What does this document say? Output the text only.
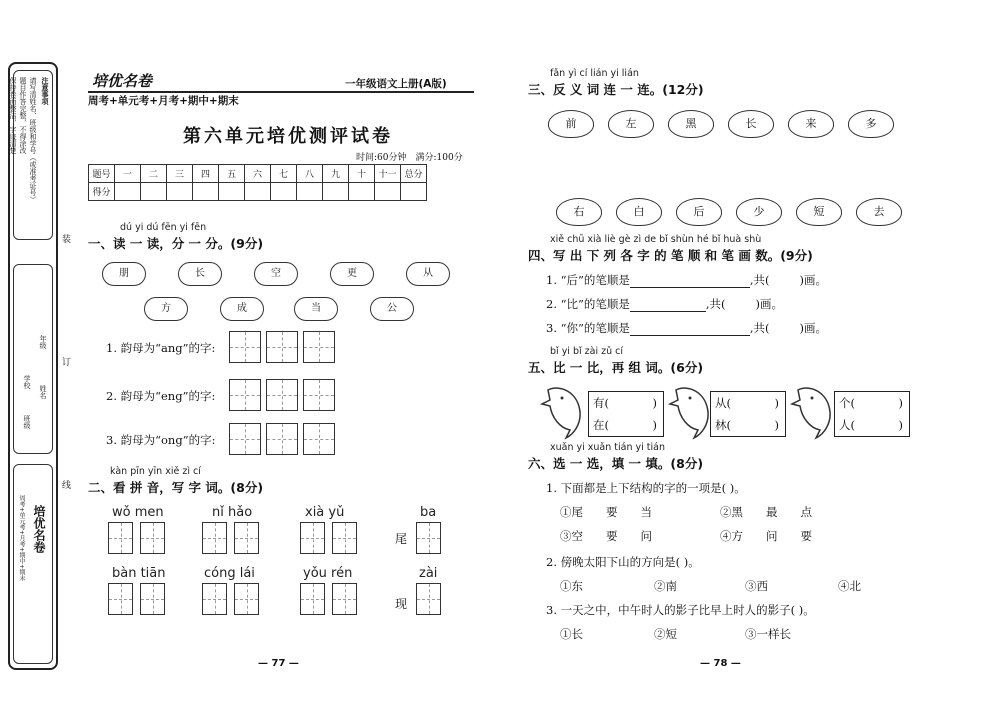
注意事项
请写清姓名、班级和学号（或准考证号）
题目作答完整，不得涂改
保持卷面整洁，字迹清楚
年级
姓名
学校
班级
培优名卷
周考+单元考+月考+期中+期末
装
订
线
培优名卷	一年级语文上册(A版)
周考+单元考+月考+期中+期末
第六单元培优测评试卷
时间:60分钟　满分:100分
题号	一	二	三	四	五	六	七	八	九	十	十一	总分
得分												
dú yi dú fēn yi fēn
一、读 一 读，分 一 分。(9分)
朋	长	空	更	从
方	成	当	公
1. 韵母为“ang”的字:
2. 韵母为“eng”的字:
3. 韵母为“ong”的字:
kàn pīn yīn xiě zì cí
二、看 拼 音，写 字 词。(8分)
wǒ men	nǐ hǎo	xià yǔ	ba
尾
bàn tiān	cóng lái	yǒu rén	zài
现
— 77 —
fǎn yì cí lián yi lián
三、反 义 词 连 一 连。(12分)
前	左	黑	长	来	多
右	白	后	少	短	去
xiě chū xià liè gè zì de bǐ shùn hé bǐ huà shù
四、写 出 下 列 各 字 的 笔 顺 和 笔 画 数。(9分)
1. “后”的笔顺是	,共(	)画。
2. “比”的笔顺是	,共(	)画。
3. “你”的笔顺是	,共(	)画。
bǐ yi bǐ zài zǔ cí
五、比 一 比，再 组 词。(6分)
有(	)
在(	)
从(	)
林(	)
个(	)
人(	)
xuǎn yi xuǎn tián yi tián
六、选 一 选，填 一 填。(8分)
1. 下面都是上下结构的字的一项是( )。
①尾　　要　　当	②黑　　最　　点
③空　　要　　问	④方　　问　　要
2. 傍晚太阳下山的方向是( )。
①东	②南	③西	④北
3. 一天之中，中午时人的影子比早上时人的影子( )。
①长	②短	③一样长
— 78 —
